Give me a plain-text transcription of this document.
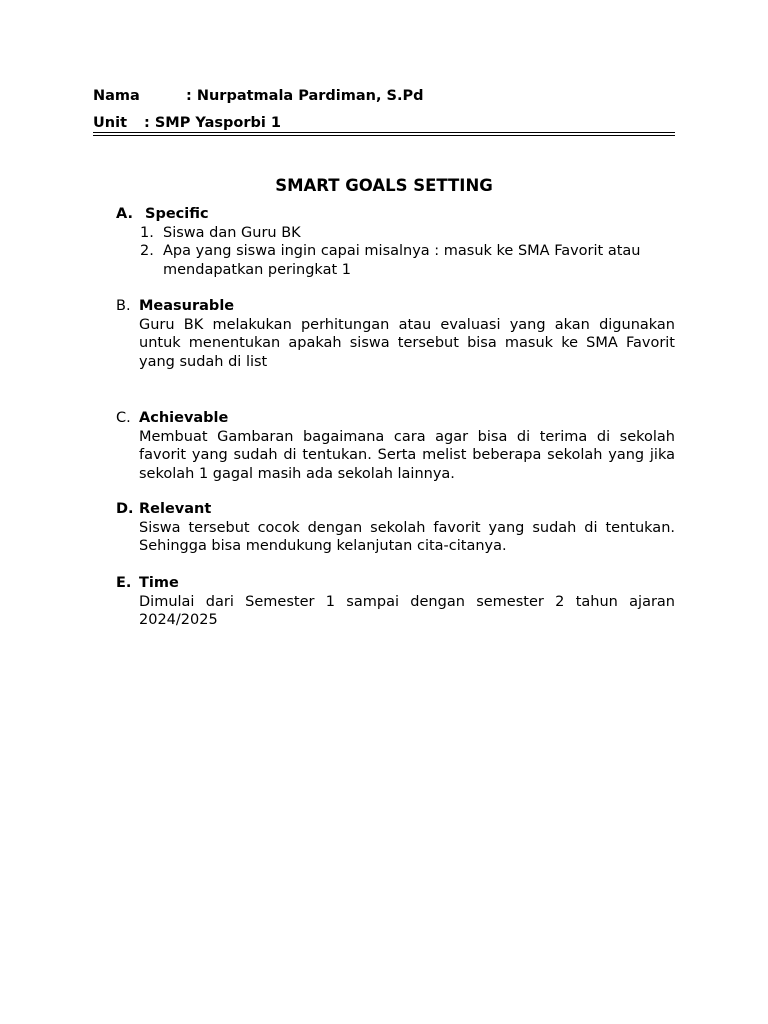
Nama	: Nurpatmala Pardiman, S.Pd
Unit : SMP Yasporbi 1
SMART GOALS SETTING
A. Specific
1. Siswa dan Guru BK
2. Apa yang siswa ingin capai misalnya : masuk ke SMA Favorit atau mendapatkan peringkat 1
B. Measurable
Guru BK melakukan perhitungan atau evaluasi yang akan digunakan untuk menentukan apakah siswa tersebut bisa masuk ke SMA Favorit yang sudah di list
C. Achievable
Membuat Gambaran bagaimana cara agar bisa di terima di sekolah favorit yang sudah di tentukan. Serta melist beberapa sekolah yang jika sekolah 1 gagal masih ada sekolah lainnya.
D. Relevant
Siswa tersebut cocok dengan sekolah favorit yang sudah di tentukan. Sehingga bisa mendukung kelanjutan cita-citanya.
E. Time
Dimulai dari Semester 1 sampai dengan semester 2 tahun ajaran 2024/2025
